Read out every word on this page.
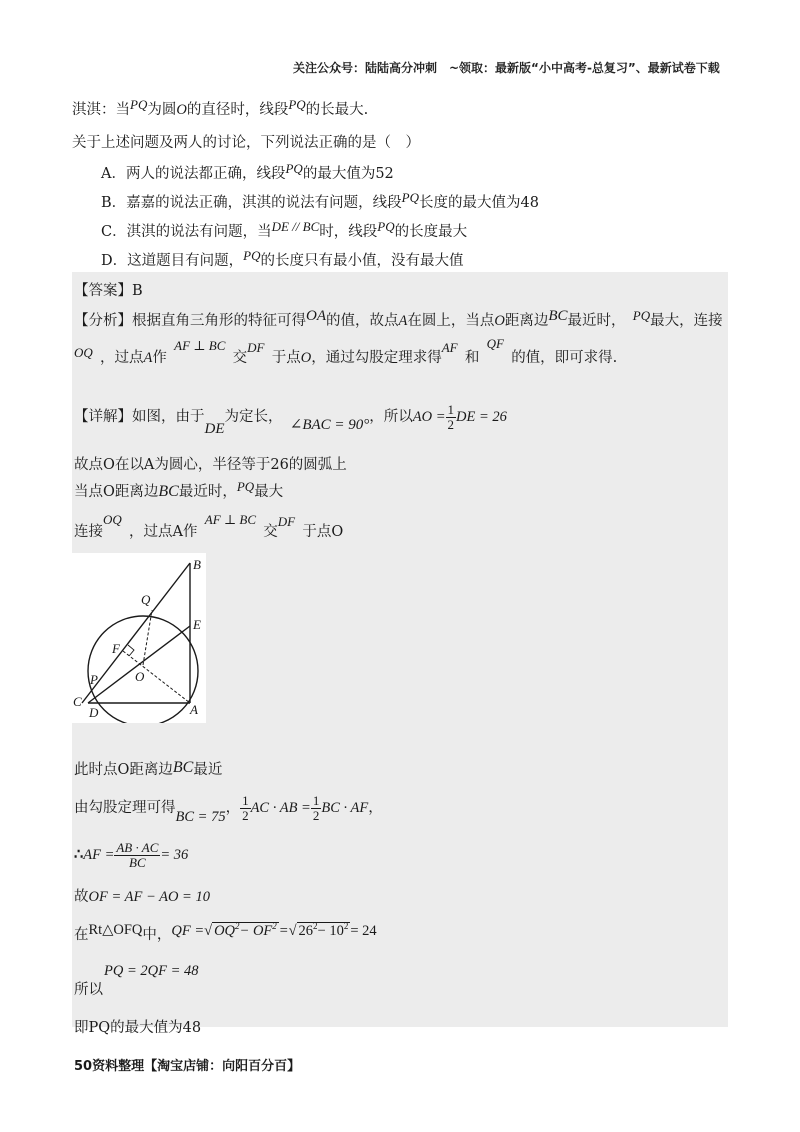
关注公众号：陆陆高分冲刺　~领取：最新版“小中高考-总复习”、最新试卷下载
淇淇：当PQ为圆O的直径时，线段PQ的长最大.
关于上述问题及两人的讨论，下列说法正确的是（　）
A．两人的说法都正确，线段PQ的最大值为52
B．嘉嘉的说法正确，淇淇的说法有问题，线段PQ长度的最大值为48
C．淇淇的说法有问题，当DE // BC时，线段PQ的长度最大
D．这道题目有问题，PQ的长度只有最小值，没有最大值
【答案】B
【分析】根据直角三角形的特征可得OA的值，故点A在圆上，当点O距离边BC最近时，  PQ最大，连接
OQ  ，过点A作 AF ⊥ BC 交DF 于点O，通过勾股定理求得AF 和 QF 的值，即可求得.
【详解】如图，由于DE为定长，  ∠BAC = 90°，所以AO = $\frac{1}{2}$ DE = 26
故点O在以A为圆心，半径等于26的圆弧上
当点O距离边BC最近时，PQ最大
连接OQ ，过点A作 AF ⊥ BC 交DF 于点O
B
Q
E
F
O
P
C
D	A
此时点O距离边BC最近
由勾股定理可得BC = 75， $\frac{1}{2}$ AC · AB = $\frac{1}{2}$ BC · AF，
∴AF = $\frac{AB \cdot AC}{BC} = 36$
故OF = AF − AO = 10
在Rt△OFQ中，QF =√ $OQ^2- OF^2$ =√ $26^2- 10^2 = 24$
PQ = 2QF = 48
所以
即PQ的最大值为48
50资料整理【淘宝店铺：向阳百分百】
